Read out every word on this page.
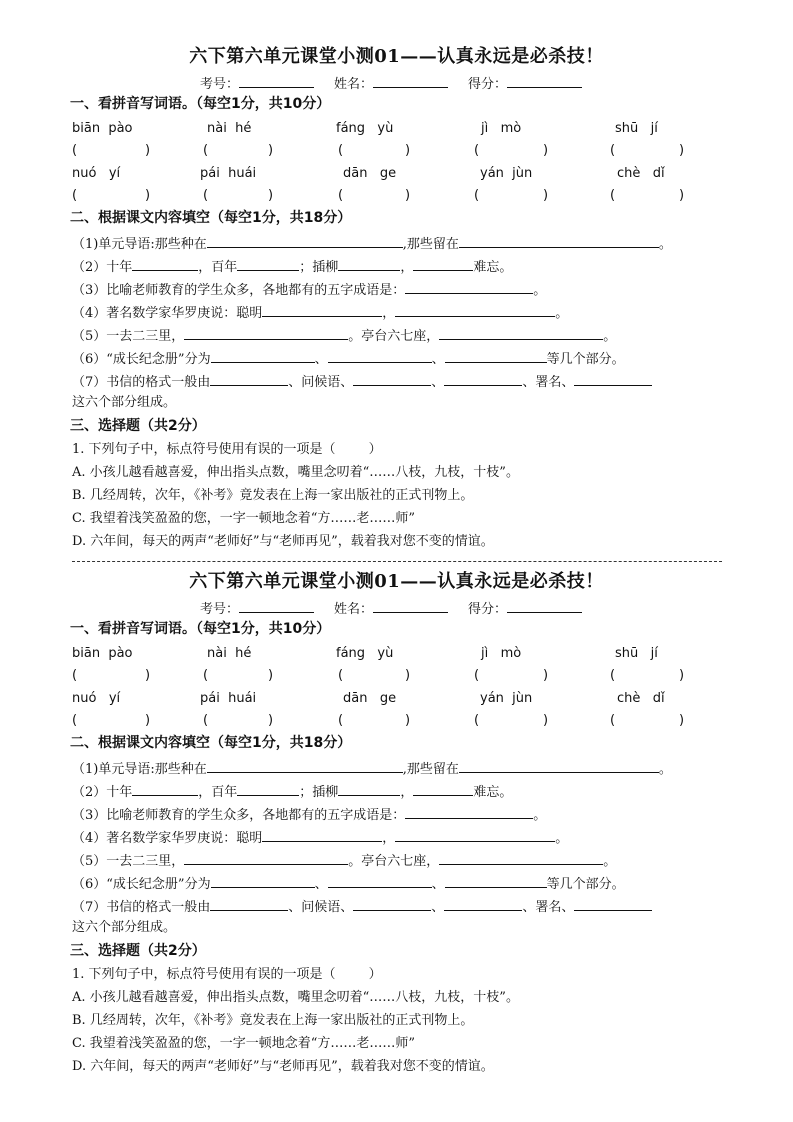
六下第六单元课堂小测01——认真永远是必杀技！
考号：	姓名：	得分：
一、看拼音写词语。（每空1分，共10分）
biān  pào	nài  hé	fáng   yù	jì   mò	shū   jí
(	)	(	)	(	)	(	)	(	)
nuó   yí	pái  huái	dān   ge	yán  jùn	chè   dǐ
(	)	(	)	(	)	(	)	(	)
二、根据课文内容填空（每空1分，共18分）
（1)单元导语:那些种在	,那些留在	。
（2）十年	，百年	；插柳	，	难忘。
（3）比喻老师教育的学生众多，各地都有的五字成语是：	。
（4）著名数学家华罗庚说：聪明	，	。
（5）一去二三里，	。亭台六七座，	。
（6）“成长纪念册”分为	、	、	等几个部分。
（7）书信的格式一般由	、问候语、	、	、署名、
这六个部分组成。
三、选择题（共2分）
1. 下列句子中，标点符号使用有误的一项是（        ）
A. 小孩儿越看越喜爱，伸出指头点数，嘴里念叨着“……八枝，九枝，十枝”。
B. 几经周转，次年，《补考》竟发表在上海一家出版社的正式刊物上。
C. 我望着浅笑盈盈的您，一字一顿地念着“方……老……师”
D. 六年间，每天的两声“老师好”与“老师再见”，载着我对您不变的情谊。
六下第六单元课堂小测01——认真永远是必杀技！
考号：	姓名：	得分：
一、看拼音写词语。（每空1分，共10分）
biān  pào	nài  hé	fáng   yù	jì   mò	shū   jí
(	)	(	)	(	)	(	)	(	)
nuó   yí	pái  huái	dān   ge	yán  jùn	chè   dǐ
(	)	(	)	(	)	(	)	(	)
二、根据课文内容填空（每空1分，共18分）
（1)单元导语:那些种在	,那些留在	。
（2）十年	，百年	；插柳	，	难忘。
（3）比喻老师教育的学生众多，各地都有的五字成语是：	。
（4）著名数学家华罗庚说：聪明	，	。
（5）一去二三里，	。亭台六七座，	。
（6）“成长纪念册”分为	、	、	等几个部分。
（7）书信的格式一般由	、问候语、	、	、署名、
这六个部分组成。
三、选择题（共2分）
1. 下列句子中，标点符号使用有误的一项是（        ）
A. 小孩儿越看越喜爱，伸出指头点数，嘴里念叨着“……八枝，九枝，十枝”。
B. 几经周转，次年，《补考》竟发表在上海一家出版社的正式刊物上。
C. 我望着浅笑盈盈的您，一字一顿地念着“方……老……师”
D. 六年间，每天的两声“老师好”与“老师再见”，载着我对您不变的情谊。
